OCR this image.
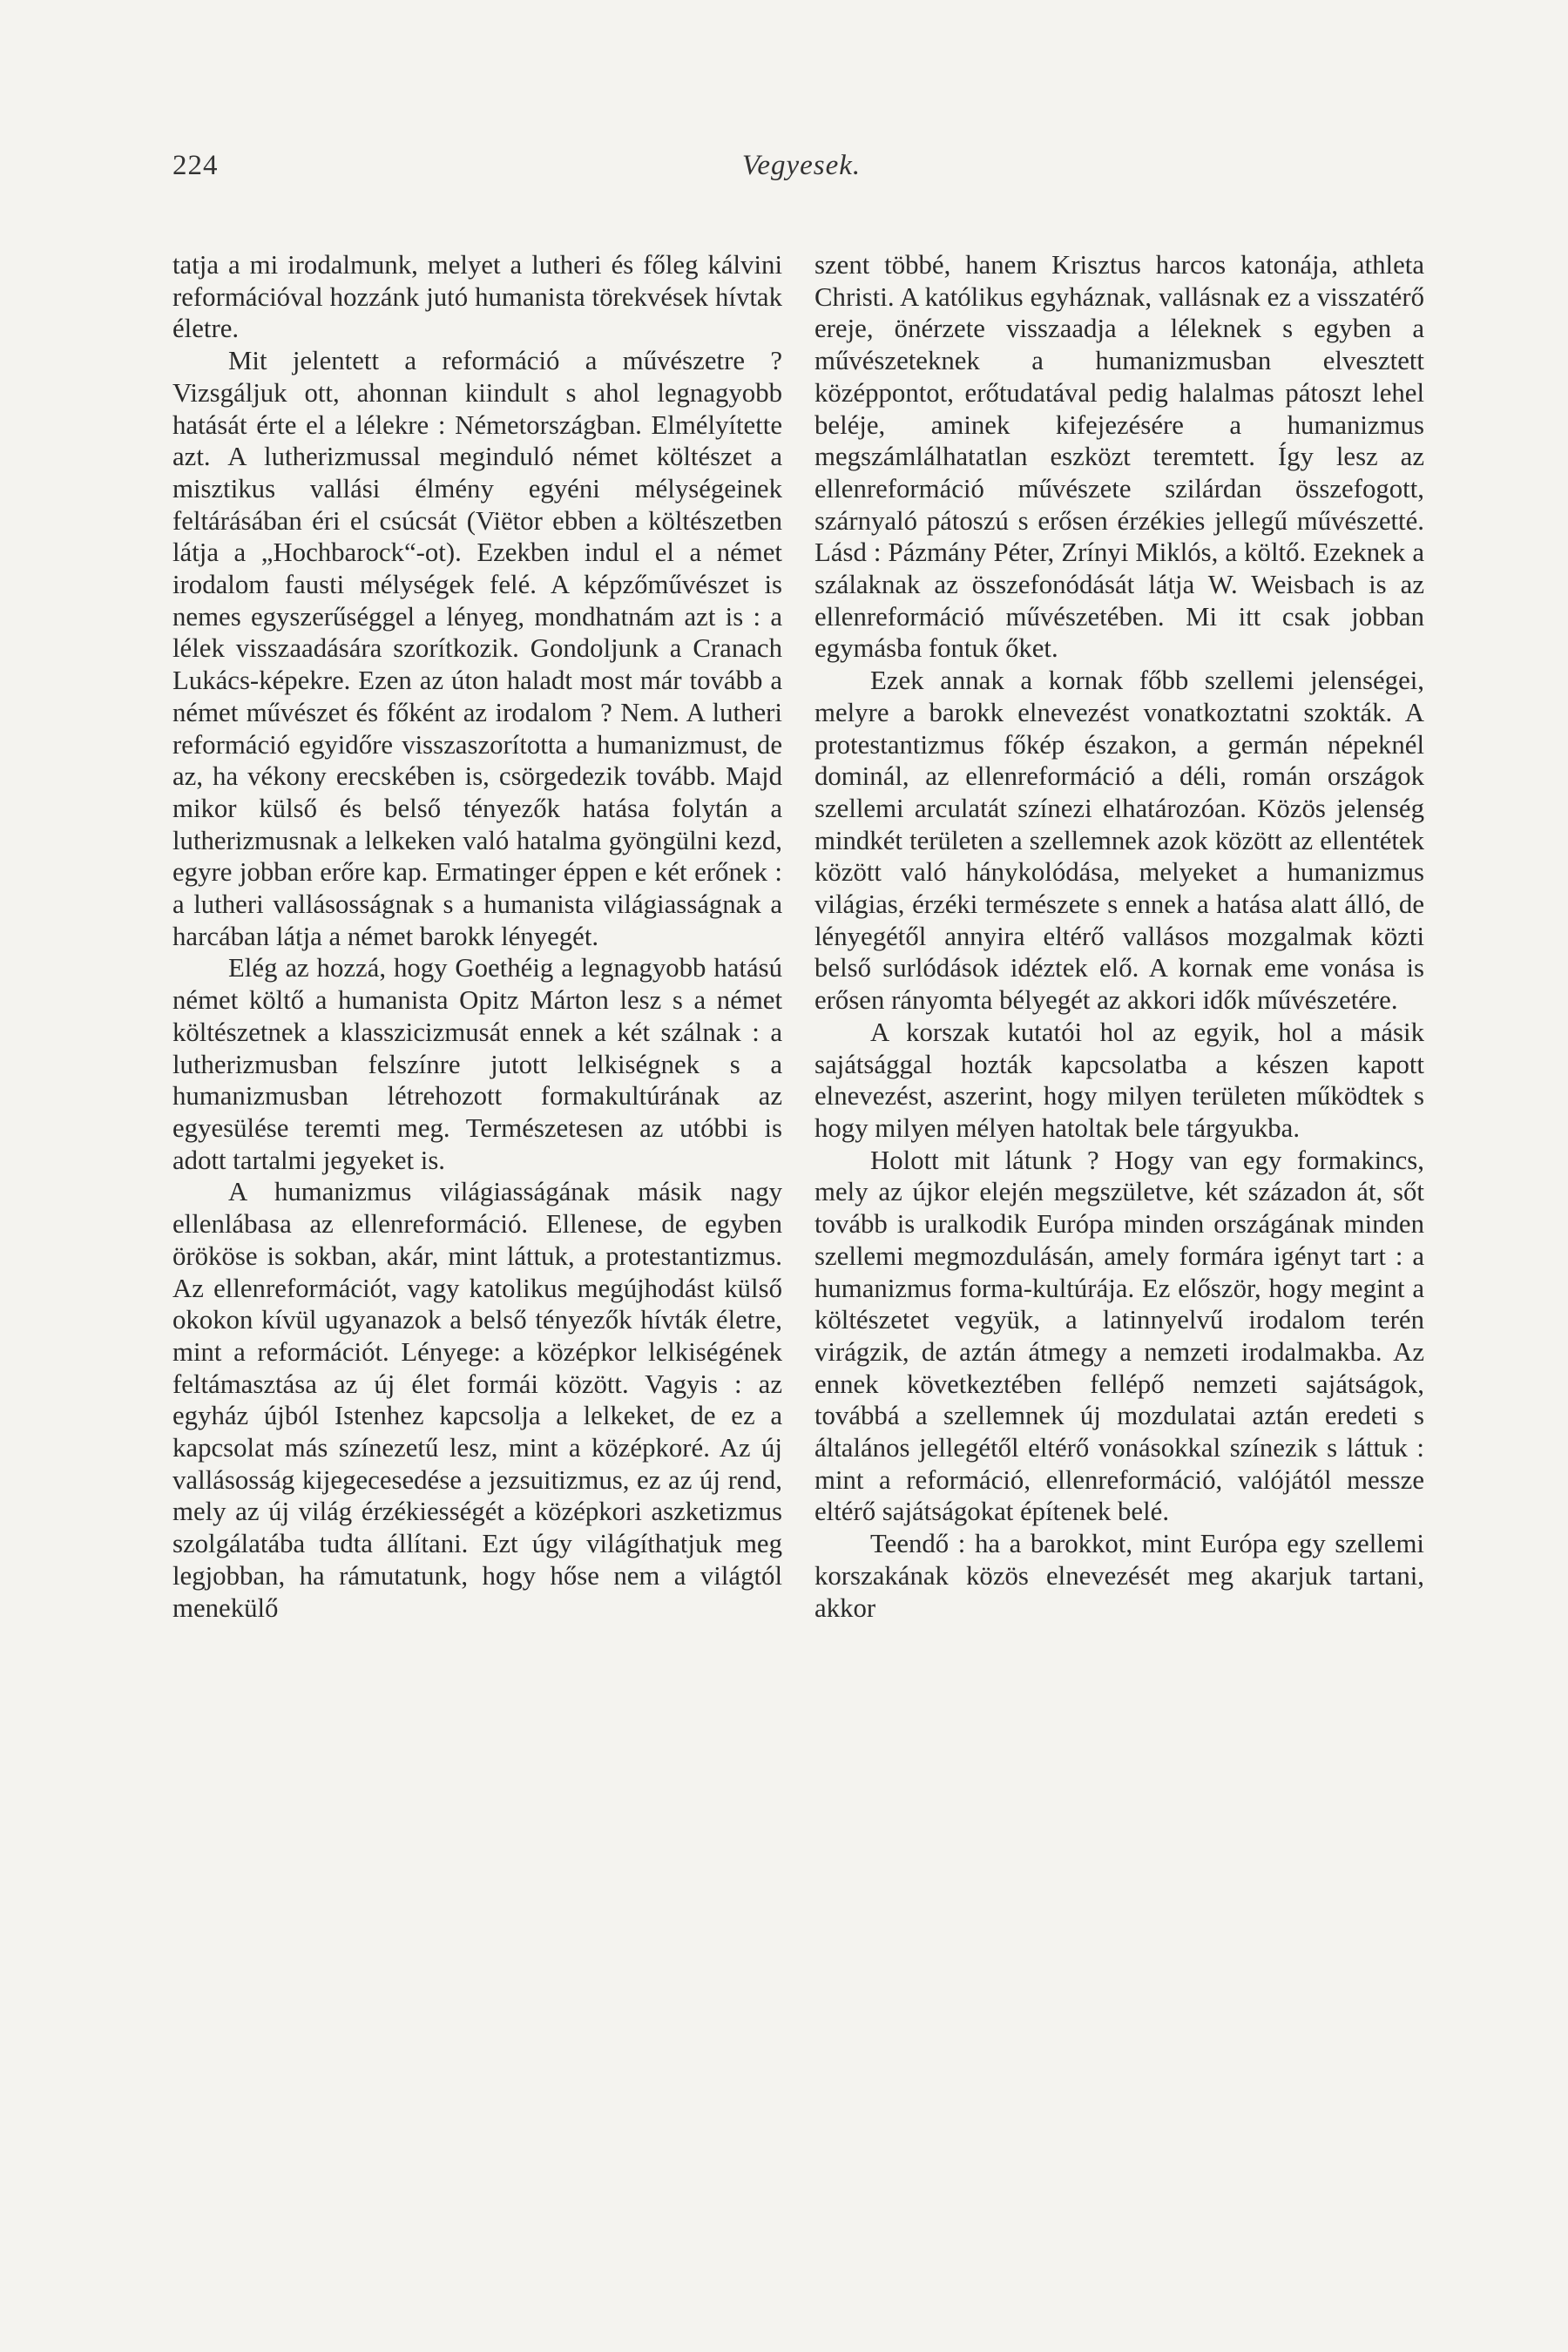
224	Vegyesek.

tatja a mi irodalmunk, melyet a lutheri és főleg kálvini reformációval hozzánk jutó humanista törekvések hívtak életre.

Mit jelentett a reformáció a művészetre ? Vizsgáljuk ott, ahonnan kiindult s ahol legnagyobb hatását érte el a lélekre : Németországban. Elmélyítette azt. A lutherizmussal meginduló német költészet a misztikus vallási élmény egyéni mélységeinek feltárásában éri el csúcsát (Viëtor ebben a költészetben látja a „Hochbarock“-ot). Ezekben indul el a német irodalom fausti mélységek felé. A képzőművészet is nemes egyszerűséggel a lényeg, mondhatnám azt is : a lélek visszaadására szorítkozik. Gondoljunk a Cranach Lukács-képekre. Ezen az úton haladt most már tovább a német művészet és főként az irodalom ? Nem. A lutheri reformáció egyidőre visszaszorította a humanizmust, de az, ha vékony erecskében is, csörgedezik tovább. Majd mikor külső és belső tényezők hatása folytán a lutherizmusnak a lelkeken való hatalma gyöngülni kezd, egyre jobban erőre kap. Ermatinger éppen e két erőnek : a lutheri vallásosságnak s a humanista világiasságnak a harcában látja a német barokk lényegét.

Elég az hozzá, hogy Goethéig a legnagyobb hatású német költő a humanista Opitz Márton lesz s a német költészetnek a klasszicizmusát ennek a két szálnak : a lutherizmusban felszínre jutott lelkiségnek s a humanizmusban létrehozott formakultúrának az egyesülése teremti meg. Természetesen az utóbbi is adott tartalmi jegyeket is.

A humanizmus világiasságának másik nagy ellenlábasa az ellenreformáció. Ellenese, de egyben örököse is sokban, akár, mint láttuk, a protestantizmus. Az ellenreformációt, vagy katolikus megújhodást külső okokon kívül ugyanazok a belső tényezők hívták életre, mint a reformációt. Lényege: a középkor lelkiségének feltámasztása az új élet formái között. Vagyis : az egyház újból Istenhez kapcsolja a lelkeket, de ez a kapcsolat más színezetű lesz, mint a középkoré. Az új vallásosság kijegecesedése a jezsuitizmus, ez az új rend, mely az új világ érzékiességét a középkori aszketizmus szolgálatába tudta állítani. Ezt úgy világíthatjuk meg legjobban, ha rámutatunk, hogy hőse nem a világtól menekülő

szent többé, hanem Krisztus harcos katonája, athleta Christi. A katólikus egyháznak, vallásnak ez a visszatérő ereje, önérzete visszaadja a léleknek s egyben a művészeteknek a humanizmusban elvesztett középpontot, erőtudatával pedig halalmas pátoszt lehel beléje, aminek kifejezésére a humanizmus megszámlálhatatlan eszközt teremtett. Így lesz az ellenreformáció művészete szilárdan összefogott, szárnyaló pátoszú s erősen érzékies jellegű művészetté. Lásd : Pázmány Péter, Zrínyi Miklós, a költő. Ezeknek a szálaknak az összefonódását látja W. Weisbach is az ellenreformáció művészetében. Mi itt csak jobban egymásba fontuk őket.

Ezek annak a kornak főbb szellemi jelenségei, melyre a barokk elnevezést vonatkoztatni szokták. A protestantizmus főkép északon, a germán népeknél dominál, az ellenreformáció a déli, román országok szellemi arculatát színezi elhatározóan. Közös jelenség mindkét területen a szellemnek azok között az ellentétek között való hánykolódása, melyeket a humanizmus világias, érzéki természete s ennek a hatása alatt álló, de lényegétől annyira eltérő vallásos mozgalmak közti belső surlódások idéztek elő. A kornak eme vonása is erősen rányomta bélyegét az akkori idők művészetére.

A korszak kutatói hol az egyik, hol a másik sajátsággal hozták kapcsolatba a készen kapott elnevezést, aszerint, hogy milyen területen működtek s hogy milyen mélyen hatoltak bele tárgyukba.

Holott mit látunk ? Hogy van egy formakincs, mely az újkor elején megszületve, két századon át, sőt tovább is uralkodik Európa minden országának minden szellemi megmozdulásán, amely formára igényt tart : a humanizmus forma-kultúrája. Ez először, hogy megint a költészetet vegyük, a latinnyelvű irodalom terén virágzik, de aztán átmegy a nemzeti irodalmakba. Az ennek következtében fellépő nemzeti sajátságok, továbbá a szellemnek új mozdulatai aztán eredeti s általános jellegétől eltérő vonásokkal színezik s láttuk : mint a reformáció, ellenreformáció, valójától messze eltérő sajátságokat építenek belé.

Teendő : ha a barokkot, mint Európa egy szellemi korszakának közös elnevezését meg akarjuk tartani, akkor
